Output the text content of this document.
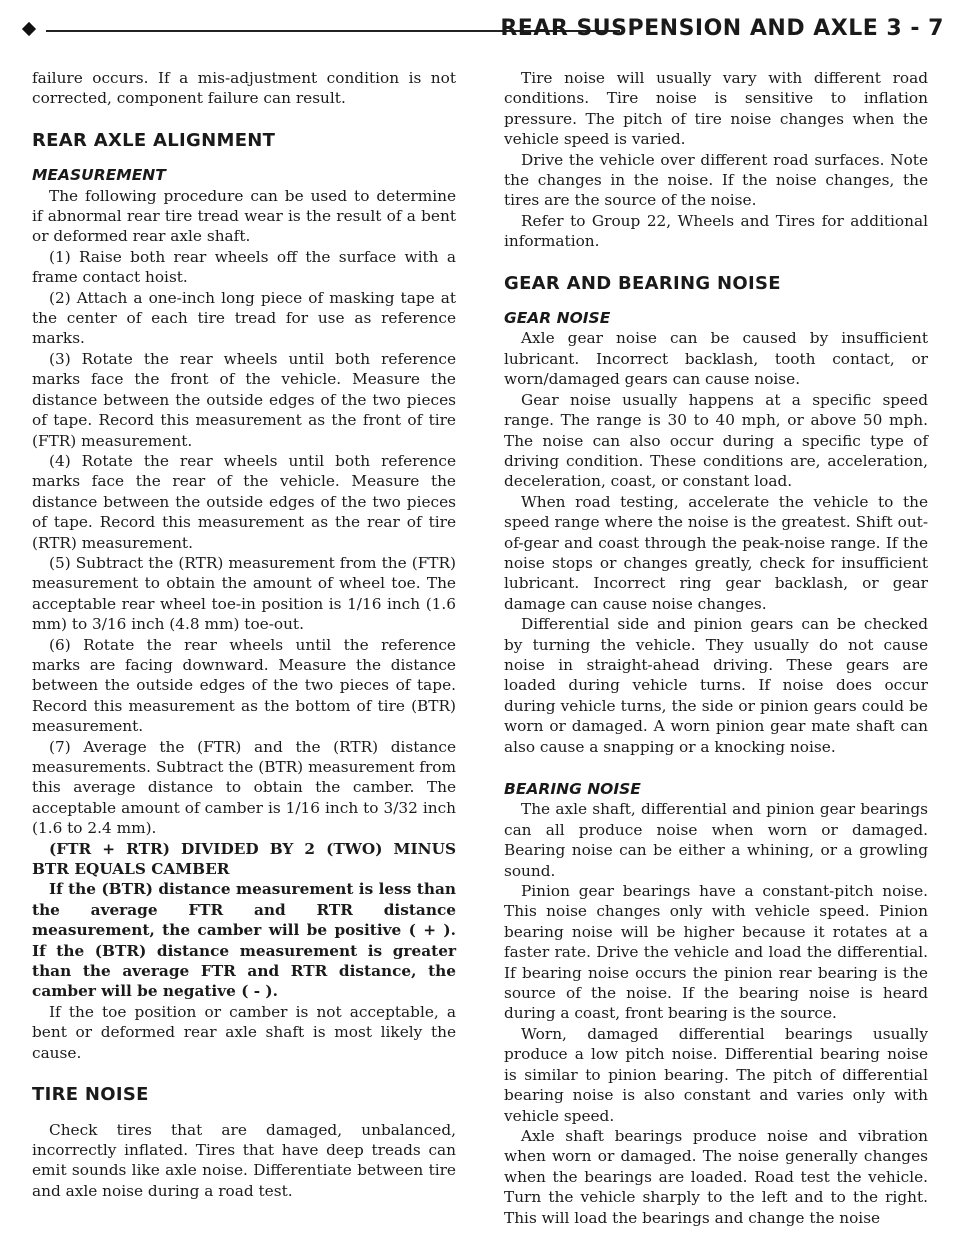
REAR SUSPENSION AND AXLE 3 - 7

failure occurs. If a mis-adjustment condition is not corrected, component failure can result.

REAR AXLE ALIGNMENT
MEASUREMENT

The following procedure can be used to determine if abnormal rear tire tread wear is the result of a bent or deformed rear axle shaft.

(1) Raise both rear wheels off the surface with a frame contact hoist.

(2) Attach a one-inch long piece of masking tape at the center of each tire tread for use as reference marks.

(3) Rotate the rear wheels until both reference marks face the front of the vehicle. Measure the distance between the outside edges of the two pieces of tape. Record this measurement as the front of tire (FTR) measurement.

(4) Rotate the rear wheels until both reference marks face the rear of the vehicle. Measure the distance between the outside edges of the two pieces of tape. Record this measurement as the rear of tire (RTR) measurement.

(5) Subtract the (RTR) measurement from the (FTR) measurement to obtain the amount of wheel toe. The acceptable rear wheel toe-in position is 1/16 inch (1.6 mm) to 3/16 inch (4.8 mm) toe-out.

(6) Rotate the rear wheels until the reference marks are facing downward. Measure the distance between the outside edges of the two pieces of tape. Record this measurement as the bottom of tire (BTR) measurement.

(7) Average the (FTR) and the (RTR) distance measurements. Subtract the (BTR) measurement from this average distance to obtain the camber. The acceptable amount of camber is 1/16 inch to 3/32 inch (1.6 to 2.4 mm).

(FTR + RTR) DIVIDED BY 2 (TWO) MINUS BTR EQUALS CAMBER

If the (BTR) distance measurement is less than the average FTR and RTR distance measurement, the camber will be positive ( + ). If the (BTR) distance measurement is greater than the average FTR and RTR distance, the camber will be negative ( - ).

If the toe position or camber is not acceptable, a bent or deformed rear axle shaft is most likely the cause.

TIRE NOISE

Check tires that are damaged, unbalanced, incorrectly inflated. Tires that have deep treads can emit sounds like axle noise. Differentiate between tire and axle noise during a road test.

Tire noise will usually vary with different road conditions. Tire noise is sensitive to inflation pressure. The pitch of tire noise changes when the vehicle speed is varied.

Drive the vehicle over different road surfaces. Note the changes in the noise. If the noise changes, the tires are the source of the noise.

Refer to Group 22, Wheels and Tires for additional information.

GEAR AND BEARING NOISE
GEAR NOISE

Axle gear noise can be caused by insufficient lubricant. Incorrect backlash, tooth contact, or worn/damaged gears can cause noise.

Gear noise usually happens at a specific speed range. The range is 30 to 40 mph, or above 50 mph. The noise can also occur during a specific type of driving condition. These conditions are, acceleration, deceleration, coast, or constant load.

When road testing, accelerate the vehicle to the speed range where the noise is the greatest. Shift out-of-gear and coast through the peak-noise range. If the noise stops or changes greatly, check for insufficient lubricant. Incorrect ring gear backlash, or gear damage can cause noise changes.

Differential side and pinion gears can be checked by turning the vehicle. They usually do not cause noise in straight-ahead driving. These gears are loaded during vehicle turns. If noise does occur during vehicle turns, the side or pinion gears could be worn or damaged. A worn pinion gear mate shaft can also cause a snapping or a knocking noise.

BEARING NOISE

The axle shaft, differential and pinion gear bearings can all produce noise when worn or damaged. Bearing noise can be either a whining, or a growling sound.

Pinion gear bearings have a constant-pitch noise. This noise changes only with vehicle speed. Pinion bearing noise will be higher because it rotates at a faster rate. Drive the vehicle and load the differential. If bearing noise occurs the pinion rear bearing is the source of the noise. If the bearing noise is heard during a coast, front bearing is the source.

Worn, damaged differential bearings usually produce a low pitch noise. Differential bearing noise is similar to pinion bearing. The pitch of differential bearing noise is also constant and varies only with vehicle speed.

Axle shaft bearings produce noise and vibration when worn or damaged. The noise generally changes when the bearings are loaded. Road test the vehicle. Turn the vehicle sharply to the left and to the right. This will load the bearings and change the noise
